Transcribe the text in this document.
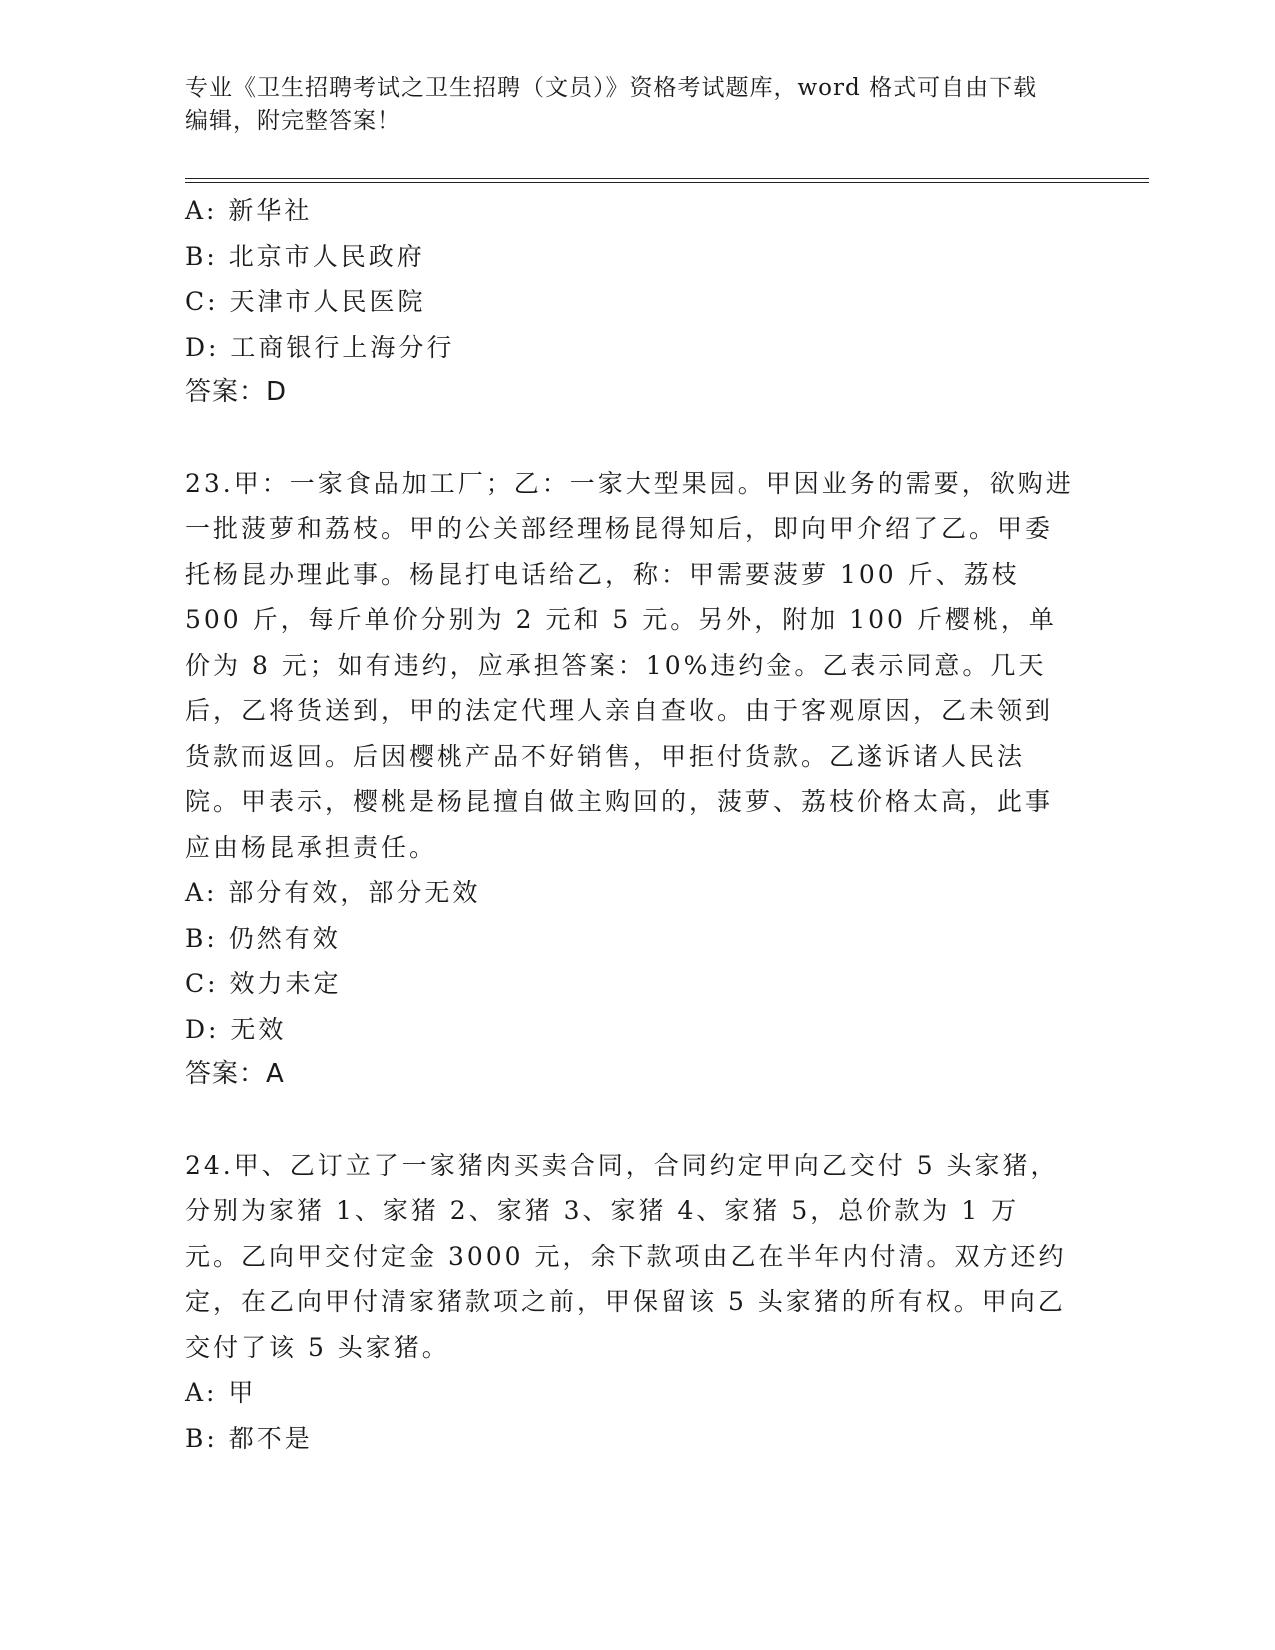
专业《卫生招聘考试之卫生招聘（文员）》资格考试题库，word 格式可自由下载
编辑，附完整答案！
A: 新华社
B: 北京市人民政府
C: 天津市人民医院
D: 工商银行上海分行
答案：D
23.甲：一家食品加工厂；乙：一家大型果园。甲因业务的需要，欲购进一批菠萝和荔枝。甲的公关部经理杨昆得知后，即向甲介绍了乙。甲委托杨昆办理此事。杨昆打电话给乙，称：甲需要菠萝 100 斤、荔枝 500 斤，每斤单价分别为 2 元和 5 元。另外，附加 100 斤樱桃，单价为 8 元；如有违约，应承担答案：10%违约金。乙表示同意。几天后，乙将货送到，甲的法定代理人亲自查收。由于客观原因，乙未领到货款而返回。后因樱桃产品不好销售，甲拒付货款。乙遂诉诸人民法院。甲表示，樱桃是杨昆擅自做主购回的，菠萝、荔枝价格太高，此事应由杨昆承担责任。
A: 部分有效，部分无效
B: 仍然有效
C: 效力未定
D: 无效
答案：A
24.甲、乙订立了一家猪肉买卖合同，合同约定甲向乙交付 5 头家猪，分别为家猪 1、家猪 2、家猪 3、家猪 4、家猪 5，总价款为 1 万元。乙向甲交付定金 3000 元，余下款项由乙在半年内付清。双方还约定，在乙向甲付清家猪款项之前，甲保留该 5 头家猪的所有权。甲向乙交付了该 5 头家猪。
A: 甲
B: 都不是
